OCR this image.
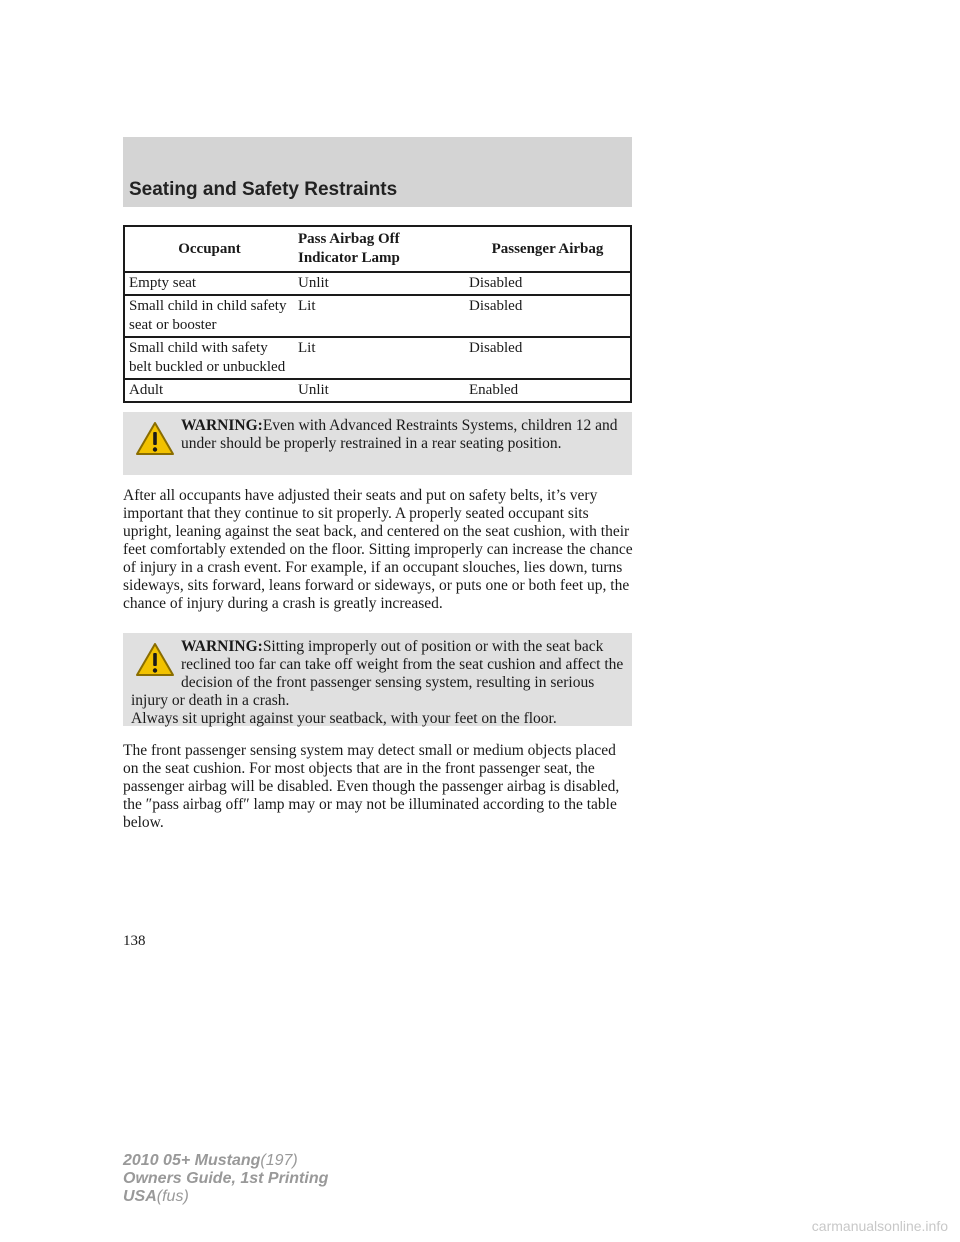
Seating and Safety Restraints
Occupant	Pass Airbag Off Indicator Lamp	Passenger Airbag
Empty seat	Unlit	Disabled
Small child in child safety seat or booster	Lit	Disabled
Small child with safety belt buckled or unbuckled	Lit	Disabled
Adult	Unlit	Enabled
WARNING:Even with Advanced Restraints Systems, children 12 and under should be properly restrained in a rear seating position.

After all occupants have adjusted their seats and put on safety belts, it’s very important that they continue to sit properly. A properly seated occupant sits upright, leaning against the seat back, and centered on the seat cushion, with their feet comfortably extended on the floor. Sitting improperly can increase the chance of injury in a crash event. For example, if an occupant slouches, lies down, turns sideways, sits forward, leans forward or sideways, or puts one or both feet up, the chance of injury during a crash is greatly increased.

WARNING:Sitting improperly out of position or with the seat back reclined too far can take off weight from the seat cushion and affect the decision of the front passenger sensing system, resulting in serious injury or death in a crash.
Always sit upright against your seatback, with your feet on the floor.

The front passenger sensing system may detect small or medium objects placed on the seat cushion. For most objects that are in the front passenger seat, the passenger airbag will be disabled. Even though the passenger airbag is disabled, the ″pass airbag off″ lamp may or may not be illuminated according to the table below.

138
2010 05+ Mustang(197)
Owners Guide, 1st Printing
USA(fus)
carmanualsonline.info
